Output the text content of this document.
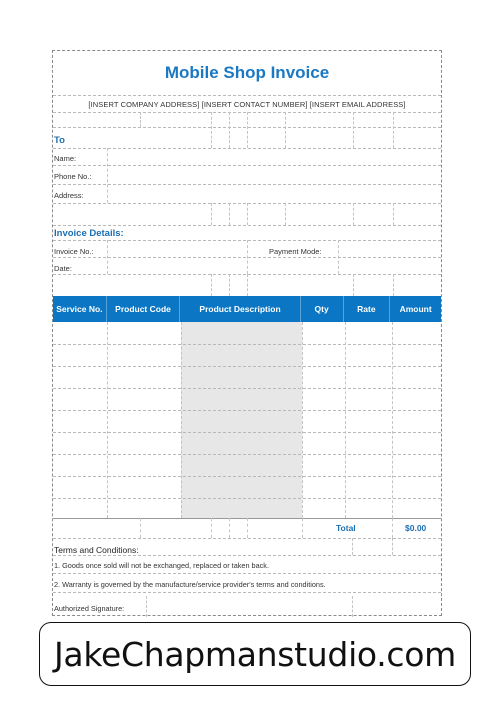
Mobile Shop Invoice
[INSERT COMPANY ADDRESS] [INSERT CONTACT NUMBER] [INSERT EMAIL ADDRESS]
To
Name:
Phone No.:
Address:
Invoice Details:
Invoice No.:	Payment Mode:
Date:
Service No.	Product Code	Product Description	Qty	Rate	Amount
Total	$0.00
Terms and Conditions:
1. Goods once sold will not be exchanged, replaced or taken back.
2. Warranty is governed by the manufacture/service provider's terms and conditions.
Authorized Signature:
JakeChapmanstudio.com
